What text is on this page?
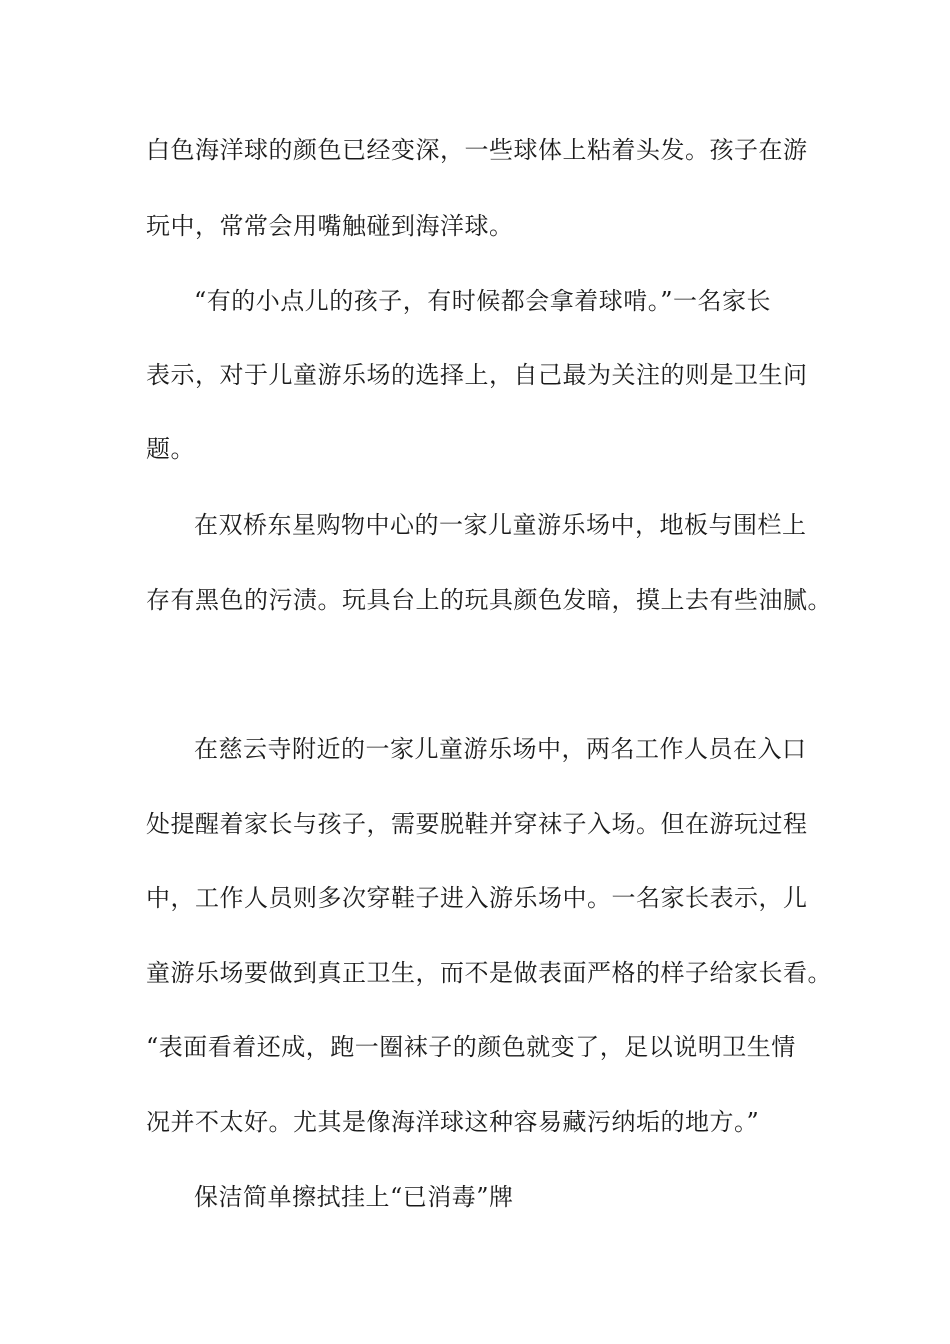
白色海洋球的颜色已经变深，一些球体上粘着头发。孩子在游
玩中，常常会用嘴触碰到海洋球。
“有的小点儿的孩子，有时候都会拿着球啃。”一名家长
表示，对于儿童游乐场的选择上，自己最为关注的则是卫生问
题。
在双桥东星购物中心的一家儿童游乐场中，地板与围栏上
存有黑色的污渍。玩具台上的玩具颜色发暗，摸上去有些油腻。
在慈云寺附近的一家儿童游乐场中，两名工作人员在入口
处提醒着家长与孩子，需要脱鞋并穿袜子入场。但在游玩过程
中，工作人员则多次穿鞋子进入游乐场中。一名家长表示，儿
童游乐场要做到真正卫生，而不是做表面严格的样子给家长看。
“表面看着还成，跑一圈袜子的颜色就变了，足以说明卫生情
况并不太好。尤其是像海洋球这种容易藏污纳垢的地方。”
保洁简单擦拭挂上“已消毒”牌
